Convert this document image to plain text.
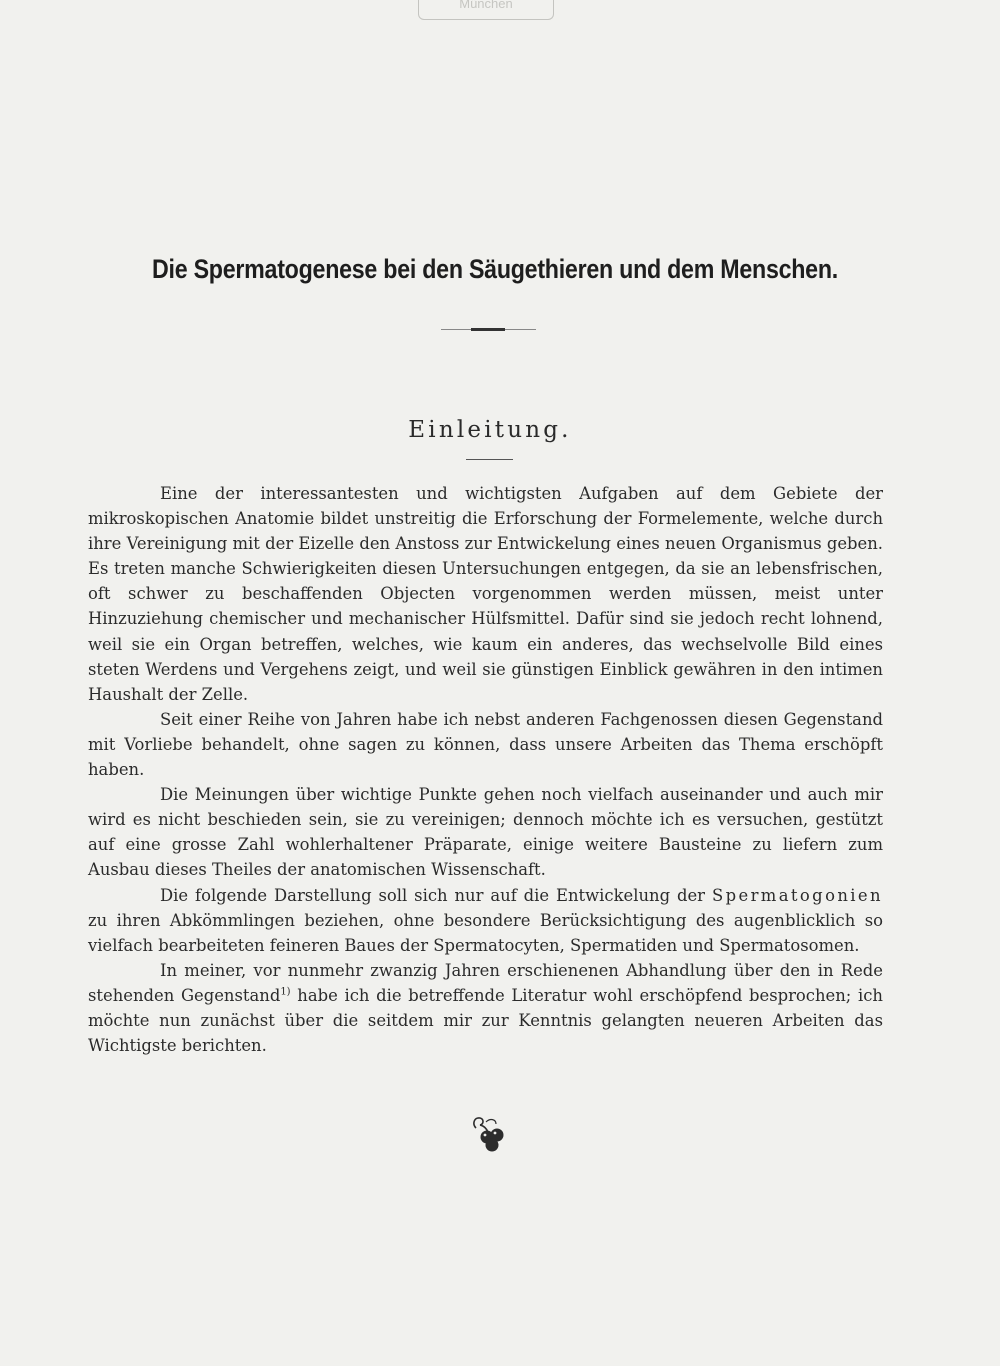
München
Die Spermatogenese bei den Säugethieren und dem Menschen.
Einleitung.

Eine der interessantesten und wichtigsten Aufgaben auf dem Gebiete der mikroskopischen Anatomie bildet unstreitig die Erforschung der Formelemente, welche durch ihre Vereinigung mit der Eizelle den Anstoss zur Entwickelung eines neuen Organismus geben. Es treten manche Schwierigkeiten diesen Untersuchungen entgegen, da sie an lebensfrischen, oft schwer zu beschaffenden Objecten vorgenommen werden müssen, meist unter Hinzuziehung chemischer und mechanischer Hülfsmittel. Dafür sind sie jedoch recht lohnend, weil sie ein Organ betreffen, welches, wie kaum ein anderes, das wechselvolle Bild eines steten Werdens und Vergehens zeigt, und weil sie günstigen Einblick gewähren in den intimen Haushalt der Zelle.

Seit einer Reihe von Jahren habe ich nebst anderen Fachgenossen diesen Gegenstand mit Vorliebe behandelt, ohne sagen zu können, dass unsere Arbeiten das Thema erschöpft haben.

Die Meinungen über wichtige Punkte gehen noch vielfach auseinander und auch mir wird es nicht beschieden sein, sie zu vereinigen; dennoch möchte ich es versuchen, gestützt auf eine grosse Zahl wohlerhaltener Präparate, einige weitere Bausteine zu liefern zum Ausbau dieses Theiles der anatomischen Wissenschaft.

Die folgende Darstellung soll sich nur auf die Entwickelung der Spermatogonien zu ihren Abkömmlingen beziehen, ohne besondere Berücksichtigung des augenblicklich so vielfach bearbeiteten feineren Baues der Spermatocyten, Spermatiden und Spermatosomen.

In meiner, vor nunmehr zwanzig Jahren erschienenen Abhandlung über den in Rede stehenden Gegenstand$^{1)}$ habe ich die betreffende Literatur wohl erschöpfend besprochen; ich möchte nun zunächst über die seitdem mir zur Kenntnis gelangten neueren Arbeiten das Wichtigste berichten.
